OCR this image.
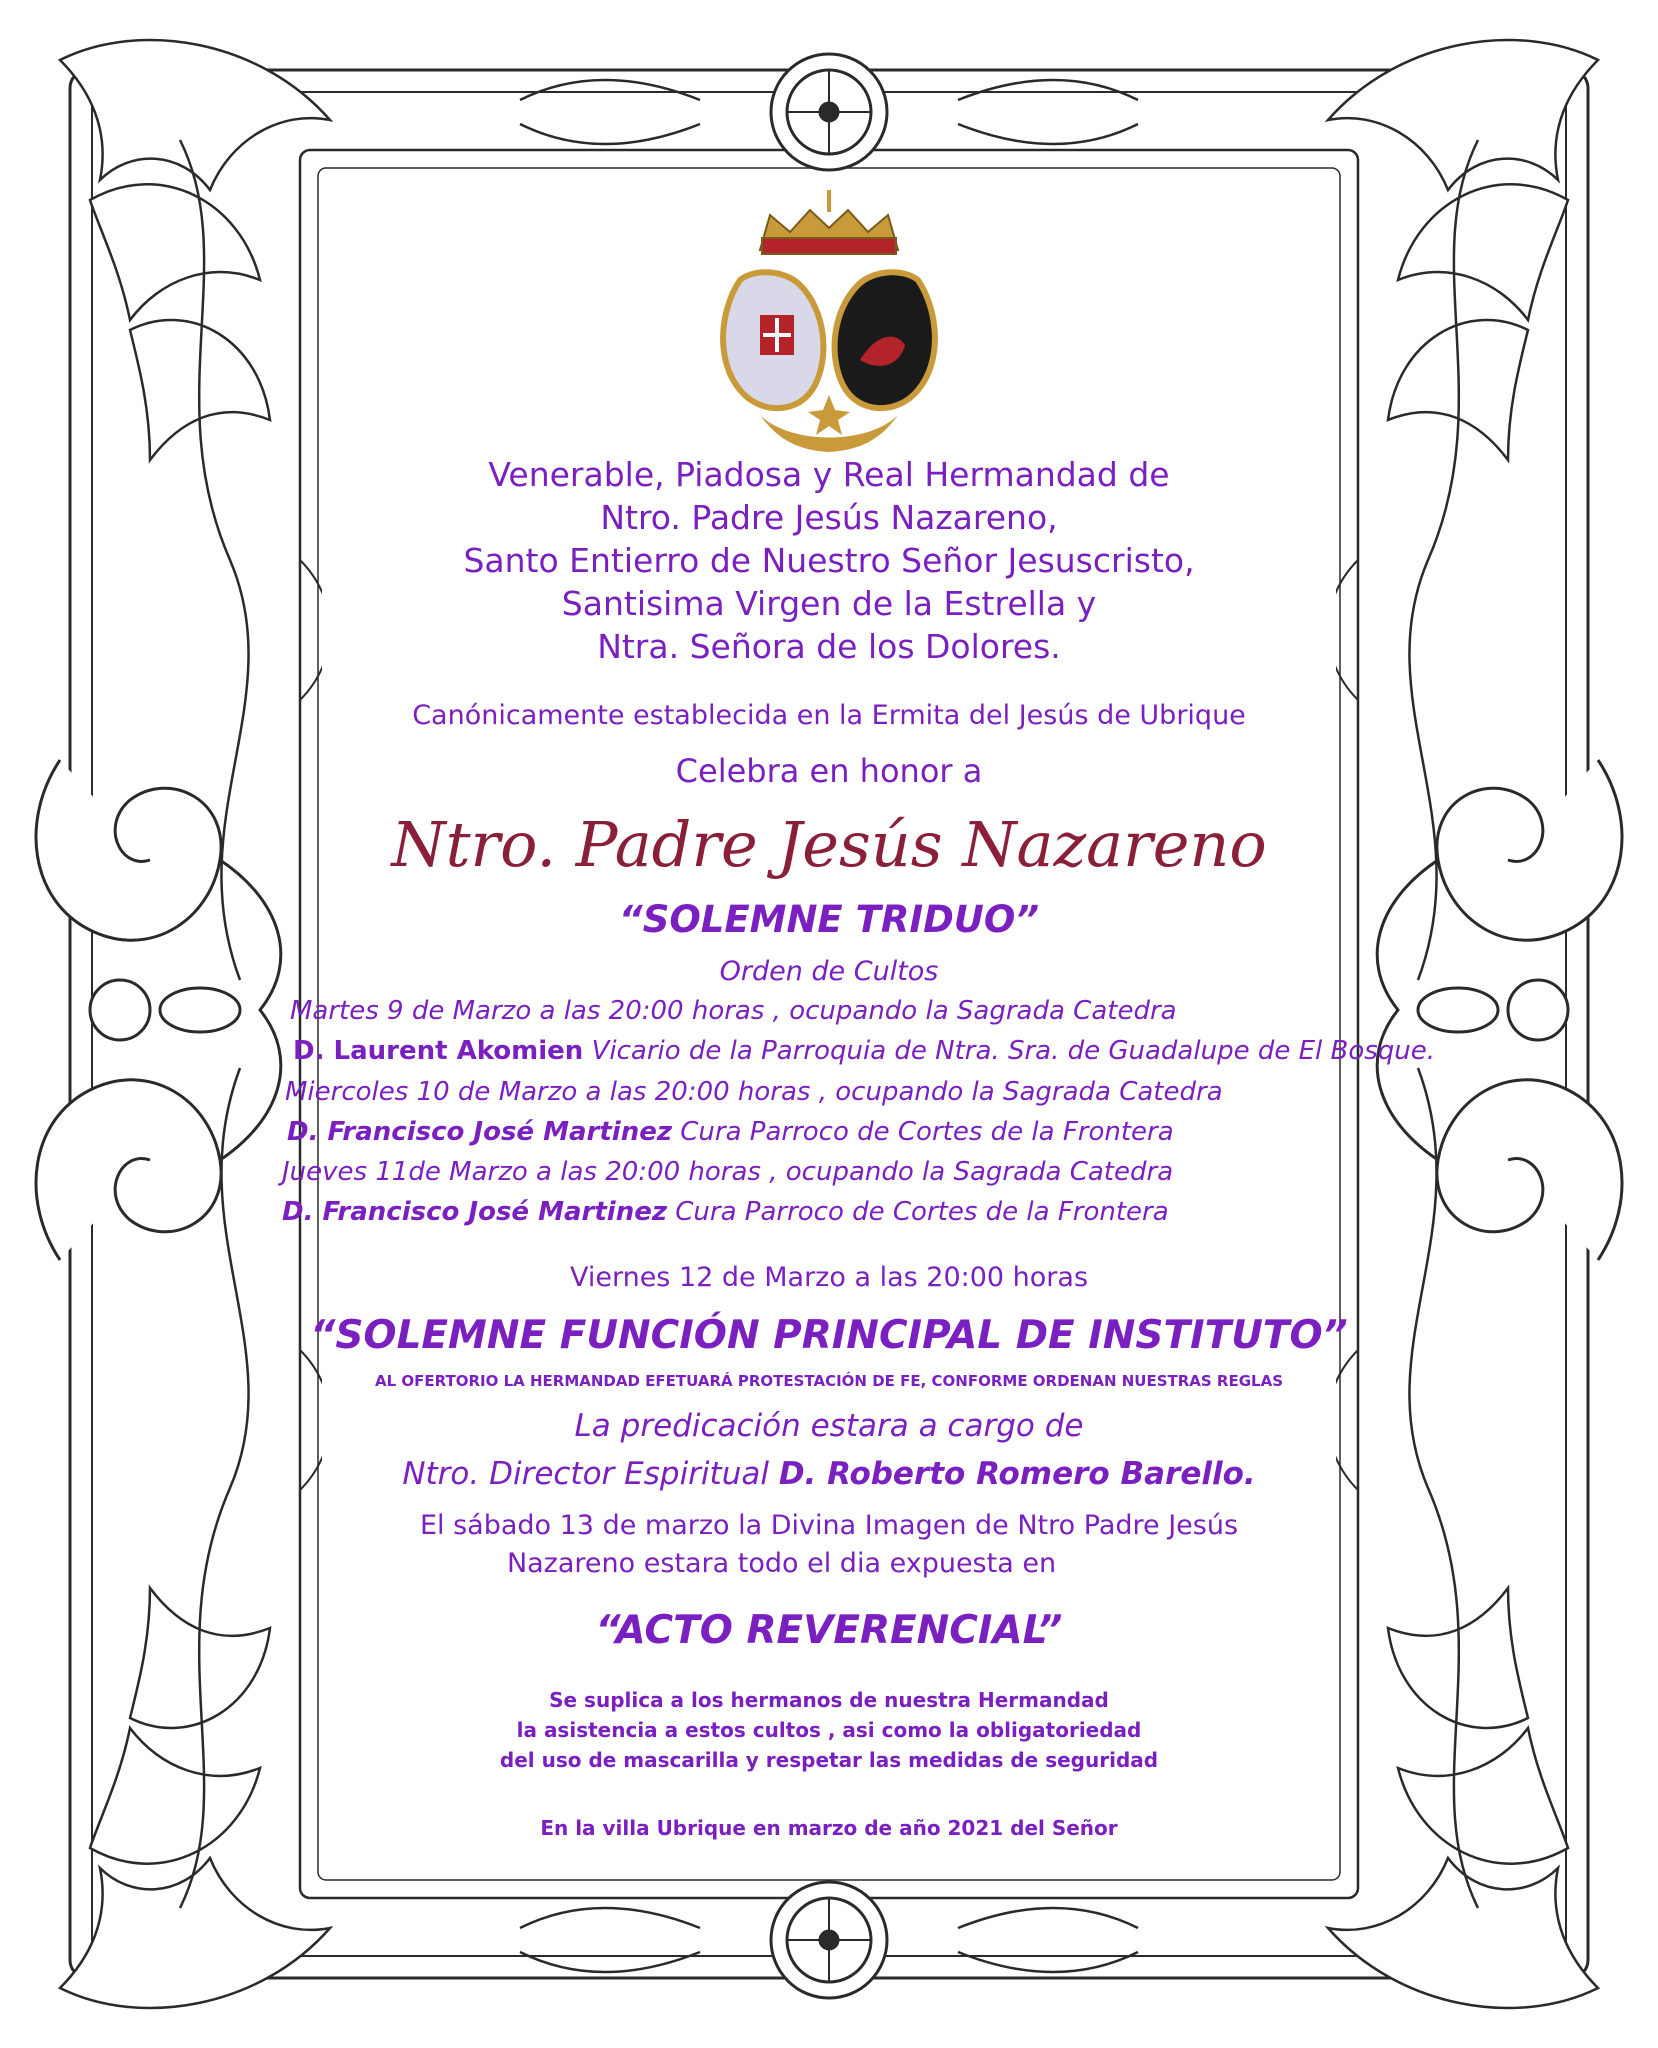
Venerable, Piadosa y Real Hermandad de
Ntro. Padre Jesús Nazareno,
Santo Entierro de Nuestro Señor Jesuscristo,
Santisima Virgen de la Estrella y
Ntra. Señora de los Dolores.
Canónicamente establecida en la Ermita del Jesús de Ubrique
Celebra en honor a
Ntro. Padre Jesús Nazareno
“SOLEMNE TRIDUO”
Orden de Cultos
Martes 9 de Marzo a las 20:00 horas , ocupando la Sagrada Catedra
D. Laurent Akomien Vicario de la Parroquia de Ntra. Sra. de Guadalupe de El Bosque.
Miercoles 10 de Marzo a las 20:00 horas , ocupando la Sagrada Catedra
D. Francisco José Martinez Cura Parroco de Cortes de la Frontera
Jueves 11de Marzo a las 20:00 horas , ocupando la Sagrada Catedra
D. Francisco José Martinez Cura Parroco de Cortes de la Frontera
Viernes 12 de Marzo a las 20:00 horas
“SOLEMNE FUNCIÓN PRINCIPAL DE INSTITUTO”
AL OFERTORIO LA HERMANDAD EFETUARÁ PROTESTACIÓN DE FE, CONFORME ORDENAN NUESTRAS REGLAS
La predicación estara a cargo de
Ntro. Director Espiritual D. Roberto Romero Barello.
El sábado 13 de marzo la Divina Imagen de Ntro Padre Jesús
Nazareno estara todo el dia expuesta en
“ACTO REVERENCIAL”
Se suplica a los hermanos de nuestra Hermandad
la asistencia a estos cultos , asi como la obligatoriedad
del uso de mascarilla y respetar las medidas de seguridad
En la villa Ubrique en marzo de año 2021 del Señor
